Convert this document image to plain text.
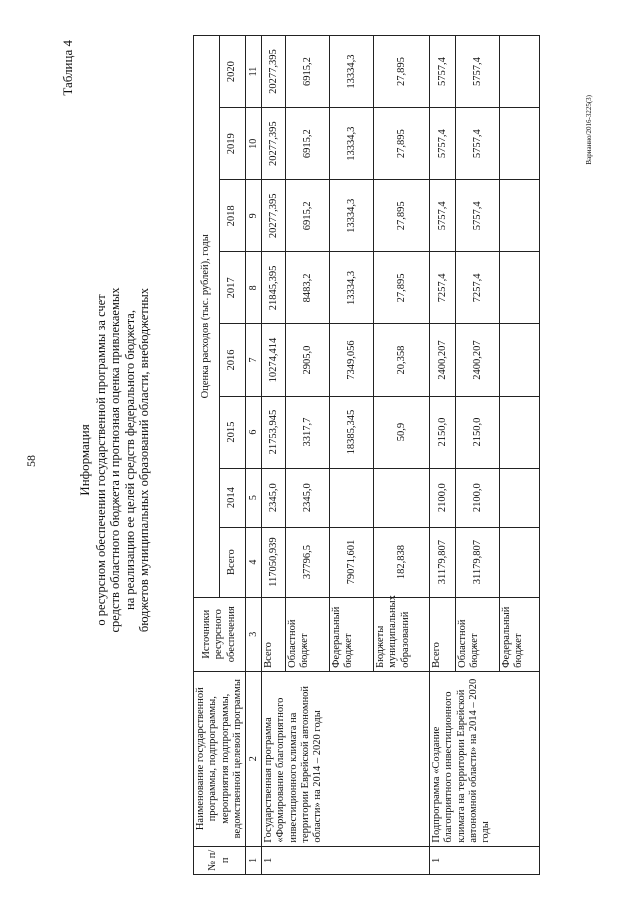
58
Таблица 4
Информация о ресурсном обеспечении государственной программы за счет средств областного бюджета и прогнозная оценка привлекаемых на реализацию ее целей средств федерального бюджета, бюджетов муниципальных образований области, внебюджетных
№ п/п	Наименование государственной программы, подпрограммы, мероприятия подпрограммы, ведомственной целевой программы	Источники ресурсного обеспечения	Оценка расходов (тыс. рублей), годы							
			Всего	2014	2015	2016	2017	2018	2019	2020
1	2	3	4	5	6	7	8	9	10	11
1	Государственная программа «Формирование благоприятного инвестиционного климата на территории Еврейской автономной области» на 2014 – 2020 годы	Всего	117050,939	2345,0	21753,945	10274,414	21845,395	20277,395	20277,395	20277,395
		Областной бюджет	37796,5	2345,0	3317,7	2905,0	8483,2	6915,2	6915,2	6915,2
		Федеральный бюджет	79071,601		18385,345	7349,056	13334,3	13334,3	13334,3	13334,3
		Бюджеты муниципальных образований	182,838		50,9	20,358	27,895	27,895	27,895	27,895
1	Подпрограмма «Создание благоприятного инвестиционного климата на территории Еврейской автономной области» на 2014 – 2020 годы	Всего	31179,807	2100,0	2150,0	2400,207	7257,4	5757,4	5757,4	5757,4
		Областной бюджет	31179,807	2100,0	2150,0	2400,207	7257,4	5757,4	5757,4	5757,4
		Федеральный бюджет								
Варианно/2016-3225(3)
